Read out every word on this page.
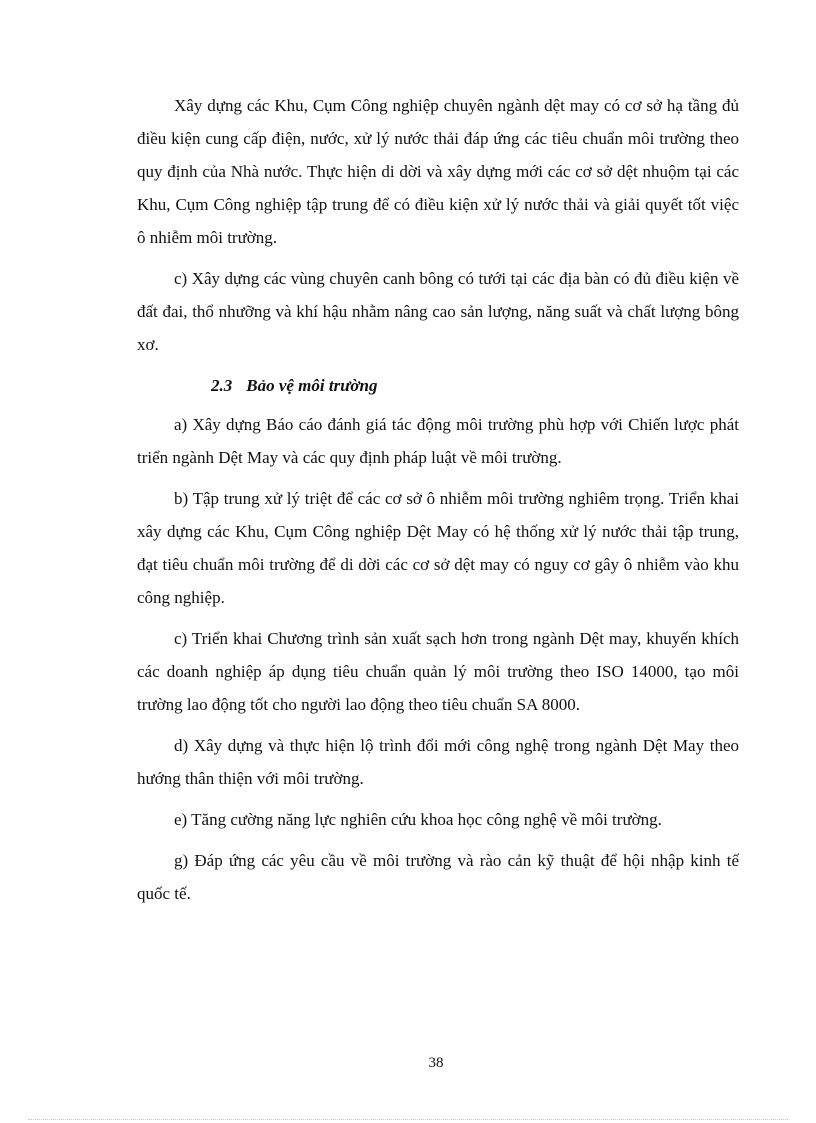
Xây dựng các Khu, Cụm Công nghiệp chuyên ngành dệt may có cơ sở hạ tầng đủ điều kiện cung cấp điện, nước, xử lý nước thải đáp ứng các tiêu chuẩn môi trường theo quy định của Nhà nước. Thực hiện di dời và xây dựng mới các cơ sở dệt nhuộm tại các Khu, Cụm Công nghiệp tập trung để có điều kiện xử lý nước thải và giải quyết tốt việc ô nhiễm môi trường.

c) Xây dựng các vùng chuyên canh bông có tưới tại các địa bàn có đủ điều kiện về đất đai, thổ nhưỡng và khí hậu nhằm nâng cao sản lượng, năng suất và chất lượng bông xơ.

2.3 Bảo vệ môi trường

a) Xây dựng Báo cáo đánh giá tác động môi trường phù hợp với Chiến lược phát triển ngành Dệt May và các quy định pháp luật về môi trường.

b) Tập trung xử lý triệt để các cơ sở ô nhiễm môi trường nghiêm trọng. Triển khai xây dựng các Khu, Cụm Công nghiệp Dệt May có hệ thống xử lý nước thải tập trung, đạt tiêu chuẩn môi trường để di dời các cơ sở dệt may có nguy cơ gây ô nhiễm vào khu công nghiệp.

c) Triển khai Chương trình sản xuất sạch hơn trong ngành Dệt may, khuyến khích các doanh nghiệp áp dụng tiêu chuẩn quản lý môi trường theo ISO 14000, tạo môi trường lao động tốt cho người lao động theo tiêu chuẩn SA 8000.

d) Xây dựng và thực hiện lộ trình đổi mới công nghệ trong ngành Dệt May theo hướng thân thiện với môi trường.

e) Tăng cường năng lực nghiên cứu khoa học công nghệ về môi trường.

g) Đáp ứng các yêu cầu về môi trường và rào cản kỹ thuật để hội nhập kinh tế quốc tế.

38
